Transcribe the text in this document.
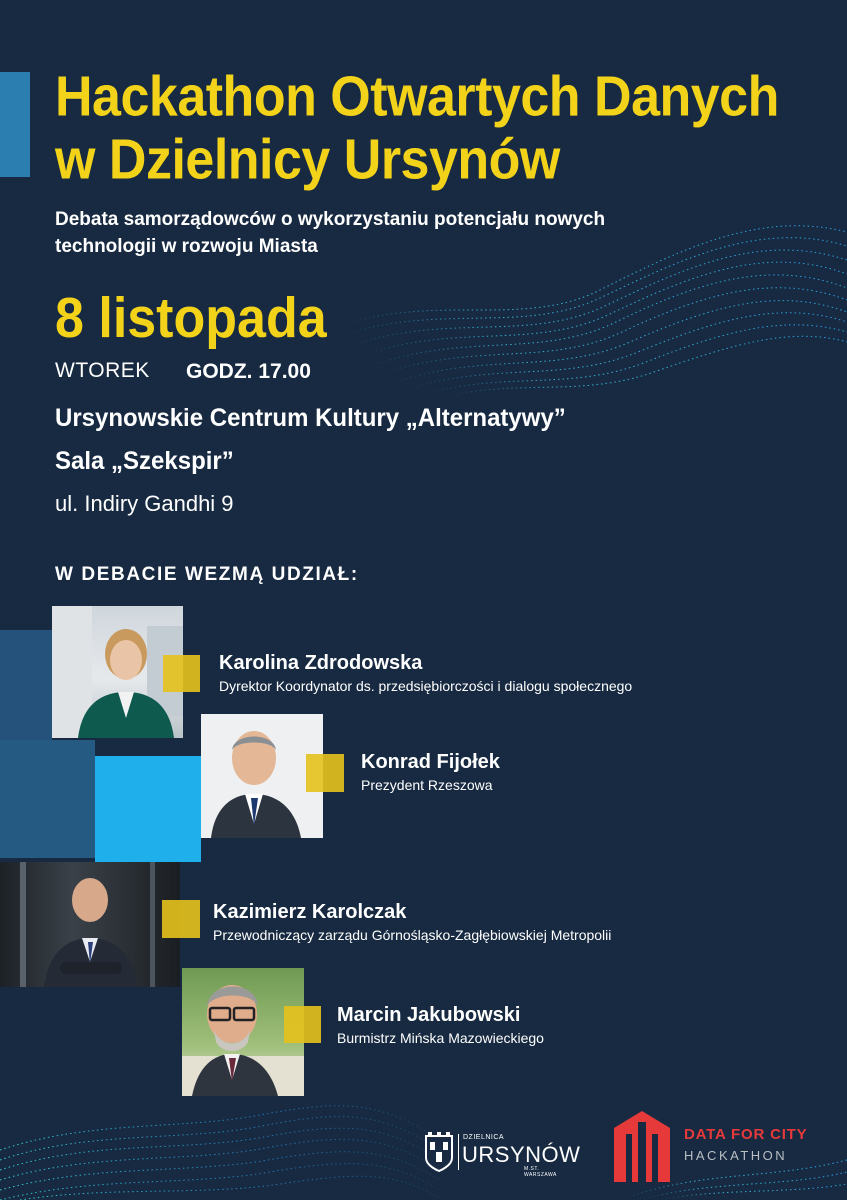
Hackathon Otwartych Danych
w Dzielnicy Ursynów

Debata samorządowców o wykorzystaniu potencjału nowych
technologii w rozwoju Miasta

8 listopada
WTOREK GODZ. 17.00
Ursynowskie Centrum Kultury „Alternatywy”
Sala „Szekspir”
ul. Indiry Gandhi 9
W DEBACIE WEZMĄ UDZIAŁ:
Karolina Zdrodowska
Dyrektor Koordynator ds. przedsiębiorczości i dialogu społecznego
Konrad Fijołek
Prezydent Rzeszowa
Kazimierz Karolczak
Przewodniczący zarządu Górnośląsko-Zagłębiowskiej Metropolii
Marcin Jakubowski
Burmistrz Mińska Mazowieckiego
DZIELNICA
URSYNÓW
M.ST. WARSZAWA
DATA FOR CITY
HACKATHON
